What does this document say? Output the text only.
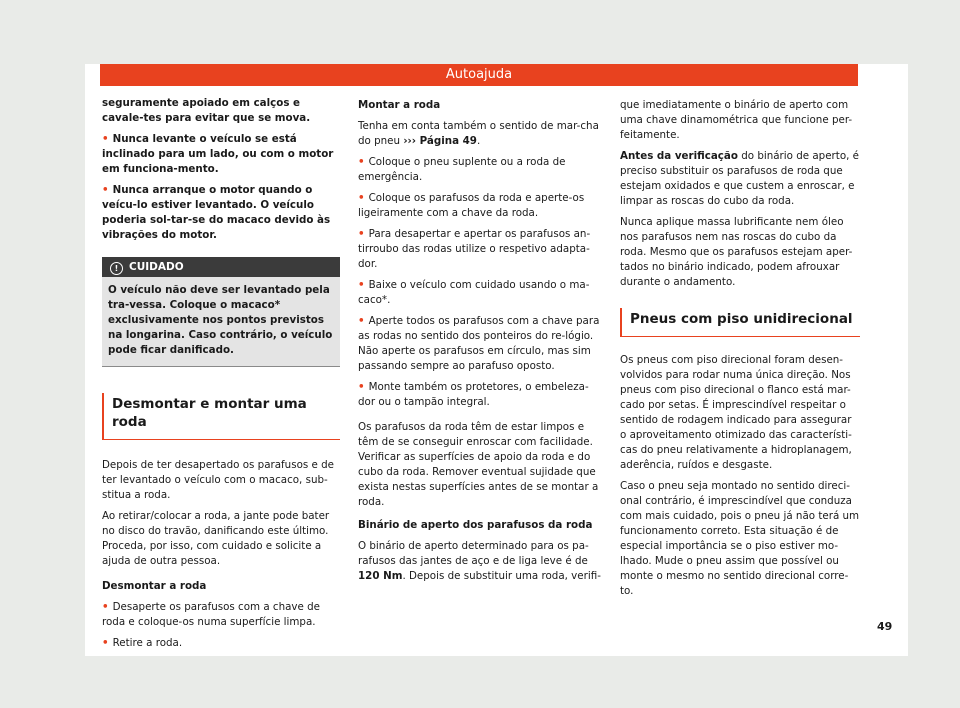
Autoajuda

seguramente apoiado em calços e cavale-tes para evitar que se mova.

• Nunca levante o veículo se está inclinado para um lado, ou com o motor em funciona-mento.

• Nunca arranque o motor quando o veícu-lo estiver levantado. O veículo poderia sol-tar-se do macaco devido às vibrações do motor.

! CUIDADO
O veículo não deve ser levantado pela tra-vessa. Coloque o macaco* exclusivamente nos pontos previstos na longarina. Caso contrário, o veículo pode ficar danificado.
Desmontar e montar uma roda

Depois de ter desapertado os parafusos e de ter levantado o veículo com o macaco, sub-stitua a roda.

Ao retirar/colocar a roda, a jante pode bater no disco do travão, danificando este último. Proceda, por isso, com cuidado e solicite a ajuda de outra pessoa.

Desmontar a roda

• Desaperte os parafusos com a chave de roda e coloque-os numa superfície limpa.

• Retire a roda.

Montar a roda

Tenha em conta também o sentido de mar-cha do pneu ››› Página 49.

• Coloque o pneu suplente ou a roda de emergência.

• Coloque os parafusos da roda e aperte-os ligeiramente com a chave da roda.

• Para desapertar e apertar os parafusos an-tirroubo das rodas utilize o respetivo adapta-dor.

• Baixe o veículo com cuidado usando o ma-caco*.

• Aperte todos os parafusos com a chave para as rodas no sentido dos ponteiros do re-lógio. Não aperte os parafusos em círculo, mas sim passando sempre ao parafuso oposto.

• Monte também os protetores, o embeleza-dor ou o tampão integral.

Os parafusos da roda têm de estar limpos e têm de se conseguir enroscar com facilidade. Verificar as superfícies de apoio da roda e do cubo da roda. Remover eventual sujidade que exista nestas superfícies antes de se montar a roda.

Binário de aperto dos parafusos da roda

O binário de aperto determinado para os pa-rafusos das jantes de aço e de liga leve é de 120 Nm. Depois de substituir uma roda, verifi-

que imediatamente o binário de aperto com uma chave dinamométrica que funcione per-feitamente.

Antes da verificação do binário de aperto, é preciso substituir os parafusos de roda que estejam oxidados e que custem a enroscar, e limpar as roscas do cubo da roda.

Nunca aplique massa lubrificante nem óleo nos parafusos nem nas roscas do cubo da roda. Mesmo que os parafusos estejam aper-tados no binário indicado, podem afrouxar durante o andamento.

Pneus com piso unidirecional

Os pneus com piso direcional foram desen-volvidos para rodar numa única direção. Nos pneus com piso direcional o flanco está mar-cado por setas. É imprescindível respeitar o sentido de rodagem indicado para assegurar o aproveitamento otimizado das característi-cas do pneu relativamente a hidroplanagem, aderência, ruídos e desgaste.

Caso o pneu seja montado no sentido direci-onal contrário, é imprescindível que conduza com mais cuidado, pois o pneu já não terá um funcionamento correto. Esta situação é de especial importância se o piso estiver mo-lhado. Mude o pneu assim que possível ou monte o mesmo no sentido direcional corre-to.

49
